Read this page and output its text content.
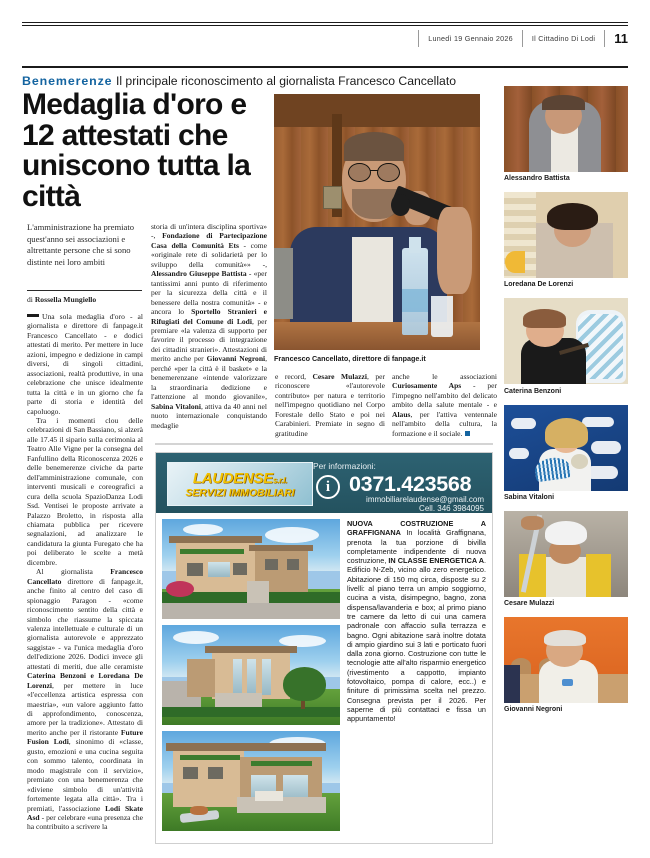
Lunedì 19 Gennaio 2026	Il Cittadino Di Lodi	11
Benemerenze Il principale riconoscimento al giornalista Francesco Cancellato
Medaglia d'oro e 12 attestati che uniscono tutta la città
L'amministrazione ha premiato quest'anno sei associazioni e altrettante persone che si sono distinte nei loro ambiti
di Rossella Mungiello
Francesco Cancellato, direttore di fanpage.it

Una sola medaglia d'oro - al giornalista e direttore di fanpage.it Francesco Cancellato - e dodici attestati di merito. Per mettere in luce azioni, impegno e dedizione in campi diversi, di singoli cittadini, associazioni, realtà produttive, in una celebrazione che unisce idealmente tutta la città e in un giorno che fa parte di storia e identità del capoluogo.

Tra i momenti clou delle celebrazioni di San Bassiano, si alzerà alle 17.45 il sipario sulla cerimonia al Teatro Alle Vigne per la consegna del Fanfullino della Riconoscenza 2026 e delle benemerenze civiche da parte dell'amministrazione comunale, con interventi musicali e coreografici a cura della scuola SpazioDanza Lodi Ssd. Ventisei le proposte arrivate a Palazzo Broletto, in risposta alla chiamata pubblica per ricevere segnalazioni, ad analizzare le candidatura la giunta Furegato che ha poi deliberato le scelte a metà dicembre.

Al giornalista Francesco Cancellato direttore di fanpage.it, anche finito al centro del caso di spionaggio Paragon - «come riconoscimento sentito della città e simbolo che riassume la spiccata valenza intellettuale e culturale di un giornalista autorevole e apprezzato saggista» - va l'unica medaglia d'oro dell'edizione 2026. Dodici invece gli attestati di meriti, due alle ceramiste Caterina Benzoni e Loredana De Lorenzi, per mettere in luce «l'eccellenza artistica espressa con maestria», «un valore aggiunto fatto di approfondimento, conoscenza, amore per la tradizione». Attestato di merito anche per il ristorante Future Fusion Lodi, sinonimo di «classe, gusto, emozioni e una cucina seguita con sommo talento, coordinata in modo magistrale con il servizio», premiato con una benemerenza che «diviene simbolo di un'attività fortemente legata alla città». Tra i premiati, l'associazione Lodi Skate Asd - per celebrare «una presenza che ha contribuito a scrivere la

storia di un'intera disciplina sportiva» -, Fondazione di Partecipazione Casa della Comunità Ets - come «originale rete di solidarietà per lo sviluppo della comunità»» -, Alessandro Giuseppe Battista - «per tantissimi anni punto di riferimento per la sicurezza della città e il benessere della nostra comunità» - e ancora lo Sportello Stranieri e Rifugiati del Comune di Lodi, per premiare «la valenza di supporto per favorire il processo di integrazione dei cittadini stranieri». Attestazioni di merito anche per Giovanni Negroni, perché «per la città è il basket» e la benemerenzane «intende valorizzare la straordinaria dedizione e l'attenzione al mondo giovanile», Sabina Vitaloni, attiva da 40 anni nel nuoto internazionale conquistando medaglie

e record, Cesare Mulazzi, per riconoscere «l'autorevole contributo» per natura e territorio nell'impegno quotidiano nel Corpo Forestale dello Stato e poi nei Carabinieri. Premiate in segno di gratitudine

anche le associazioni Curiosamente Aps - per l'impegno nell'ambito del delicato ambito della salute mentale - e Alaus, per l'attiva ventennale nell'ambito della cultura, la formazione e il sociale.

Alessandro Battista
Loredana De Lorenzi
Caterina Benzoni
Sabina Vitaloni
Cesare Mulazzi
Giovanni Negroni
LAUDENSEs.r.l.
SERVIZI IMMOBILIARI
Per informazioni:
i 0371.423568
immobiliarelaudense@gmail.com
Cell. 346 3984095
NUOVA COSTRUZIONE A GRAFFIGNANA In località Graffignana, prenota la tua porzione di bivilla completamente indipendente di nuova costruzione, IN CLASSE ENERGETICA A. Edificio N-Zeb, vicino allo zero energetico. Abitazione di 150 mq circa, disposte su 2 livelli: al piano terra un ampio soggiorno, cucina a vista, disimpegno, bagno, zona dispensa/lavanderia e box; al primo piano tre camere da letto di cui una camera padronale con affaccio sulla terrazza e bagno. Ogni abitazione sarà inoltre dotata di ampio giardino sui 3 lati e porticato fuori dalla zona giorno. Costruzione con tutte le tecnologie atte all'alto risparmio energetico (rivestimento a cappotto, impianto fotovoltaico, pompa di calore, ecc..) e finiture di primissima scelta nel prezzo. Consegna prevista per il 2026. Per saperne di più contattaci e fissa un appuntamento!
